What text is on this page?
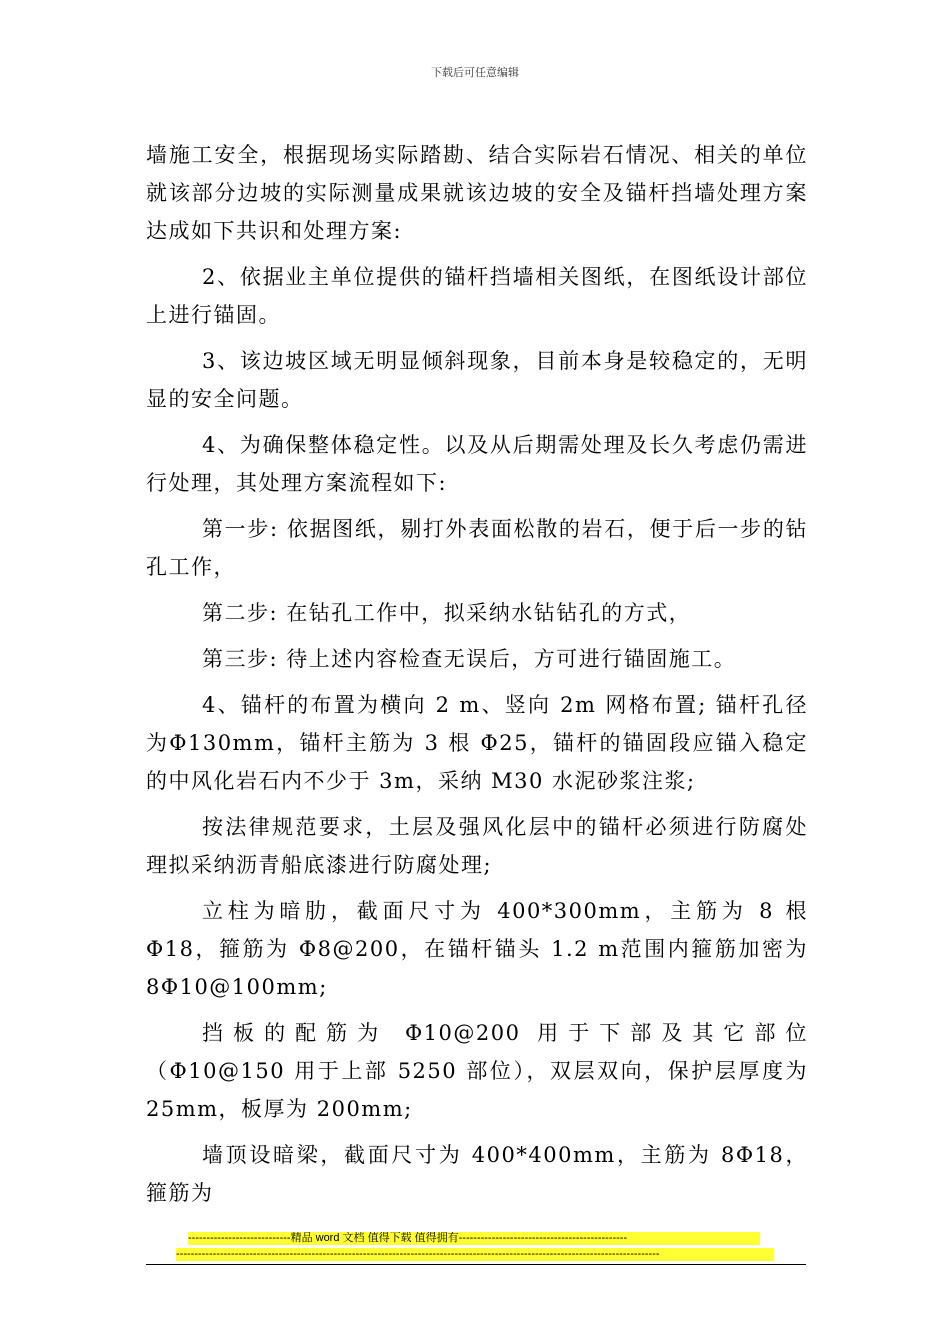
下载后可任意编辑

墙施工安全，根据现场实际踏勘、结合实际岩石情况、相关的单位就该部分边坡的实际测量成果就该边坡的安全及锚杆挡墙处理方案达成如下共识和处理方案:

2、依据业主单位提供的锚杆挡墙相关图纸，在图纸设计部位上进行锚固。

3、该边坡区域无明显倾斜现象，目前本身是较稳定的，无明显的安全问题。

4、为确保整体稳定性。以及从后期需处理及长久考虑仍需进行处理，其处理方案流程如下:

第一步: 依据图纸，剔打外表面松散的岩石，便于后一步的钻孔工作，

第二步: 在钻孔工作中，拟采纳水钻钻孔的方式，

第三步: 待上述内容检查无误后，方可进行锚固施工。

4、锚杆的布置为横向 2 m、竖向 2m 网格布置; 锚杆孔径为Φ130mm，锚杆主筋为 3 根 Φ25，锚杆的锚固段应锚入稳定的中风化岩石内不少于 3m，采纳 M30 水泥砂浆注浆;

按法律规范要求，土层及强风化层中的锚杆必须进行防腐处理拟采纳沥青船底漆进行防腐处理;

立柱为暗肋，截面尺寸为 400*300mm，主筋为 8 根 Φ18，箍筋为 Φ8@200，在锚杆锚头 1.2 m范围内箍筋加密为 8Φ10@100mm;

挡板的配筋为 Φ10@200 用于下部及其它部位（Φ10@150 用于上部 5250 部位），双层双向，保护层厚度为 25mm，板厚为 200mm;

墙顶设暗梁，截面尺寸为 400*400mm，主筋为 8Φ18，箍筋为

----------------------------精品 word 文档 值得下载 值得拥有----------------------------------------------
------------------------------------------------------------------------------------------------------------------------------------
